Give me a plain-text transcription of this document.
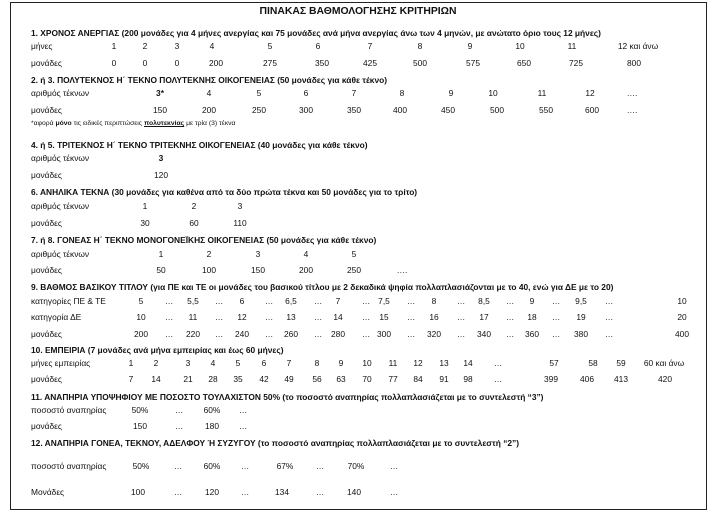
ΠΙΝΑΚΑΣ ΒΑΘΜΟΛΟΓΗΣΗΣ ΚΡΙΤΗΡΙΩΝ
1. ΧΡΟΝΟΣ ΑΝΕΡΓΙΑΣ (200 μονάδες για 4 μήνες ανεργίας και 75 μονάδες ανά μήνα ανεργίας άνω των 4 μηνών, με ανώτατο όριο τους 12 μήνες)
μήνες	1	2	3	4	5	6	7	8	9	10	11	12 και άνω
μονάδες	0	0	0	200	275	350	425	500	575	650	725	800
2. ή 3. ΠΟΛΥΤΕΚΝΟΣ Η΄ ΤΕΚΝΟ ΠΟΛΥΤΕΚΝΗΣ ΟΙΚΟΓΕΝΕΙΑΣ (50 μονάδες για κάθε τέκνο)
αριθμός τέκνων	3*	4	5	6	7	8	9	10	11	12	….
μονάδες	150	200	250	300	350	400	450	500	550	600	….
*αφορά μόνο τις ειδικές περιπτώσεις πολυτεκνίας με τρία (3) τέκνα
4. ή 5. ΤΡΙΤΕΚΝΟΣ Η΄ ΤΕΚΝΟ ΤΡΙΤΕΚΝΗΣ ΟΙΚΟΓΕΝΕΙΑΣ (40 μονάδες για κάθε τέκνο)
αριθμός τέκνων	3
μονάδες	120
6. ΑΝΗΛΙΚΑ ΤΕΚΝΑ (30 μονάδες για καθένα από τα δύο πρώτα τέκνα και 50 μονάδες για το τρίτο)
αριθμός τέκνων	1	2	3
μονάδες	30	60	110
7. ή 8. ΓΟΝΕΑΣ Η΄ ΤΕΚΝΟ ΜΟΝΟΓΟΝΕΪΚΗΣ ΟΙΚΟΓΕΝΕΙΑΣ (50 μονάδες για κάθε τέκνο)
αριθμός τέκνων	1	2	3	4	5
μονάδες	50	100	150	200	250	….
9. ΒΑΘΜΟΣ ΒΑΣΙΚΟΥ ΤΙΤΛΟΥ (για ΠΕ και ΤΕ οι μονάδες του βασικού τίτλου με 2 δεκαδικά ψηφία πολλαπλασιάζονται με το 40, ενώ για ΔΕ με το 20)
κατηγορίες ΠΕ & ΤΕ	5	… 5,5 … 6 … 6,5 … 7	… 7,5 … 8 … 8,5 … 9 … 9,5 …	10
κατηγορία ΔΕ	10 … 11 … 12 … 13 … 14 … 15 … 16 … 17 … 18 … 19 …	20
μονάδες	200 … 220 … 240 … 260 … 280 … 300 … 320 … 340 … 360 … 380 …	400
10. ΕΜΠΕΙΡΙΑ (7 μονάδες ανά μήνα εμπειρίας και έως 60 μήνες)
μήνες εμπειρίας	1 2	3 4 5	6 7	8 9 10 11 12 13 14	…	57	58 59 60 και άνω
μονάδες	7 14	21 28 35 42 49 56 63 70 77 84 91 98	…	399	406 413	420
11. ΑΝΑΠΗΡΙΑ ΥΠΟΨΗΦΙΟΥ ΜΕ ΠΟΣΟΣΤΟ ΤΟΥΛΑΧΙΣΤΟΝ 50% (το ποσοστό αναπηρίας πολλαπλασιάζεται με το συντελεστή “3”)
ποσοστό αναπηρίας	50%	… 60% …
μονάδες	150	…	180 …
12. ΑΝΑΠΗΡΙΑ ΓΟΝΕΑ, ΤΕΚΝΟΥ, ΑΔΕΛΦΟΥ Ή ΣΥΖΥΓΟΥ (το ποσοστό αναπηρίας πολλαπλασιάζεται με το συντελεστή “2”)
ποσοστό αναπηρίας	50%	…	60% …	67%	…	70%	…
Μονάδες	100	…	120	…	134	…	140	…
